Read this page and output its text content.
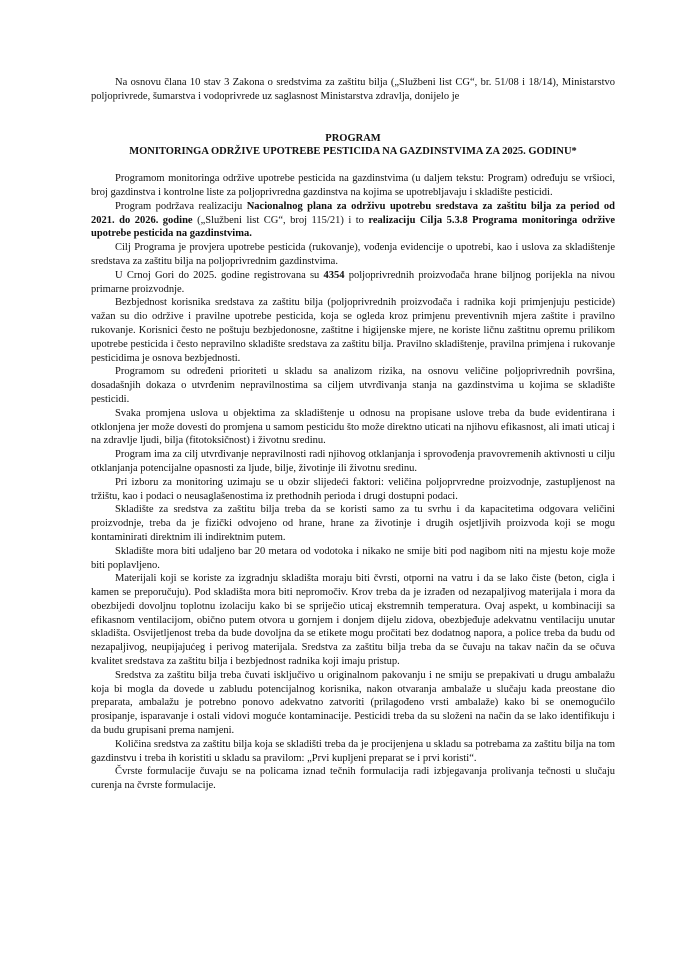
Na osnovu člana 10 stav 3 Zakona o sredstvima za zaštitu bilja („Službeni list CG“, br. 51/08 i 18/14), Ministarstvo poljoprivrede, šumarstva i vodoprivrede uz saglasnost Ministarstva zdravlja, donijelo je

PROGRAM
MONITORINGA ODRŽIVE UPOTREBE PESTICIDA NA GAZDINSTVIMA ZA 2025. GODINU*

Programom monitoringa održive upotrebe pesticida na gazdinstvima (u daljem tekstu: Program) određuju se vršioci, broj gazdinstva i kontrolne liste za poljoprivredna gazdinstva na kojima se upotrebljavaju i skladište pesticidi.

Program podržava realizaciju Nacionalnog plana za održivu upotrebu sredstava za zaštitu bilja za period od 2021. do 2026. godine („Službeni list CG“, broj 115/21) i to realizaciju Cilja 5.3.8 Programa monitoringa održive upotrebe pesticida na gazdinstvima.

Cilj Programa je provjera upotrebe pesticida (rukovanje), vođenja evidencije o upotrebi, kao i uslova za skladištenje sredstava za zaštitu bilja na poljoprivrednim gazdinstvima.

U Crnoj Gori do 2025. godine registrovana su 4354 poljoprivrednih proizvođača hrane biljnog porijekla na nivou primarne proizvodnje.

Bezbjednost korisnika sredstava za zaštitu bilja (poljoprivrednih proizvođača i radnika koji primjenjuju pesticide) važan su dio održive i pravilne upotrebe pesticida, koja se ogleda kroz primjenu preventivnih mjera zaštite i pravilno rukovanje. Korisnici često ne poštuju bezbjedonosne, zaštitne i higijenske mjere, ne koriste ličnu zaštitnu opremu prilikom upotrebe pesticida i često nepravilno skladište sredstava za zaštitu bilja. Pravilno skladištenje, pravilna primjena i rukovanje pesticidima je osnova bezbjednosti.

Programom su određeni prioriteti u skladu sa analizom rizika, na osnovu veličine poljoprivrednih površina, dosadašnjih dokaza o utvrđenim nepravilnostima sa ciljem utvrđivanja stanja na gazdinstvima u kojima se skladište pesticidi.

Svaka promjena uslova u objektima za skladištenje u odnosu na propisane uslove treba da bude evidentirana i otklonjena jer može dovesti do promjena u samom pesticidu što može direktno uticati na njihovu efikasnost, ali imati uticaj i na zdravlje ljudi, bilja (fitotoksičnost) i životnu sredinu.

Program ima za cilj utvrđivanje nepravilnosti radi njihovog otklanjanja i sprovođenja pravovremenih aktivnosti u cilju otklanjanja potencijalne opasnosti za ljude, bilje, životinje ili životnu sredinu.

Pri izboru za monitoring uzimaju se u obzir slijedeći faktori: veličina poljoprvredne proizvodnje, zastupljenost na tržištu, kao i podaci o neusaglašenostima iz prethodnih perioda i drugi dostupni podaci.

Skladište za sredstva za zaštitu bilja treba da se koristi samo za tu svrhu i da kapacitetima odgovara veličini proizvodnje, treba da je fizički odvojeno od hrane, hrane za životinje i drugih osjetljivih proizvoda koji se mogu kontaminirati direktnim ili indirektnim putem.

Skladište mora biti udaljeno bar 20 metara od vodotoka i nikako ne smije biti pod nagibom niti na mjestu koje može biti poplavljeno.

Materijali koji se koriste za izgradnju skladišta moraju biti čvrsti, otporni na vatru i da se lako čiste (beton, cigla i kamen se preporučuju). Pod skladišta mora biti nepromočiv. Krov treba da je izrađen od nezapaljivog materijala i mora da obezbijedi dovoljnu toplotnu izolaciju kako bi se spriječio uticaj ekstremnih temperatura. Ovaj aspekt, u kombinaciji sa efikasnom ventilacijom, obično putem otvora u gornjem i donjem dijelu zidova, obezbjeđuje adekvatnu ventilaciju unutar skladišta. Osvijetljenost treba da bude dovoljna da se etikete mogu pročitati bez dodatnog napora, a police treba da budu od nezapaljivog, neupijajućeg i perivog materijala. Sredstva za zaštitu bilja treba da se čuvaju na takav način da se očuva kvalitet sredstava za zaštitu bilja i bezbjednost radnika koji imaju pristup.

Sredstva za zaštitu bilja treba čuvati isključivo u originalnom pakovanju i ne smiju se prepakivati u drugu ambalažu koja bi mogla da dovede u zabludu potencijalnog korisnika, nakon otvaranja ambalaže u slučaju kada preostane dio preparata, ambalažu je potrebno ponovo adekvatno zatvoriti (prilagođeno vrsti ambalaže) kako bi se onemogućilo prosipanje, isparavanje i ostali vidovi moguće kontaminacije. Pesticidi treba da su složeni na način da se lako identifikuju i da budu grupisani prema namjeni.

Količina sredstva za zaštitu bilja koja se skladišti treba da je procijenjena u skladu sa potrebama za zaštitu bilja na tom gazdinstvu i treba ih koristiti u skladu sa pravilom: „Prvi kupljeni preparat se i prvi koristi“.

Čvrste formulacije čuvaju se na policama iznad tečnih formulacija radi izbjegavanja prolivanja tečnosti u slučaju curenja na čvrste formulacije.
